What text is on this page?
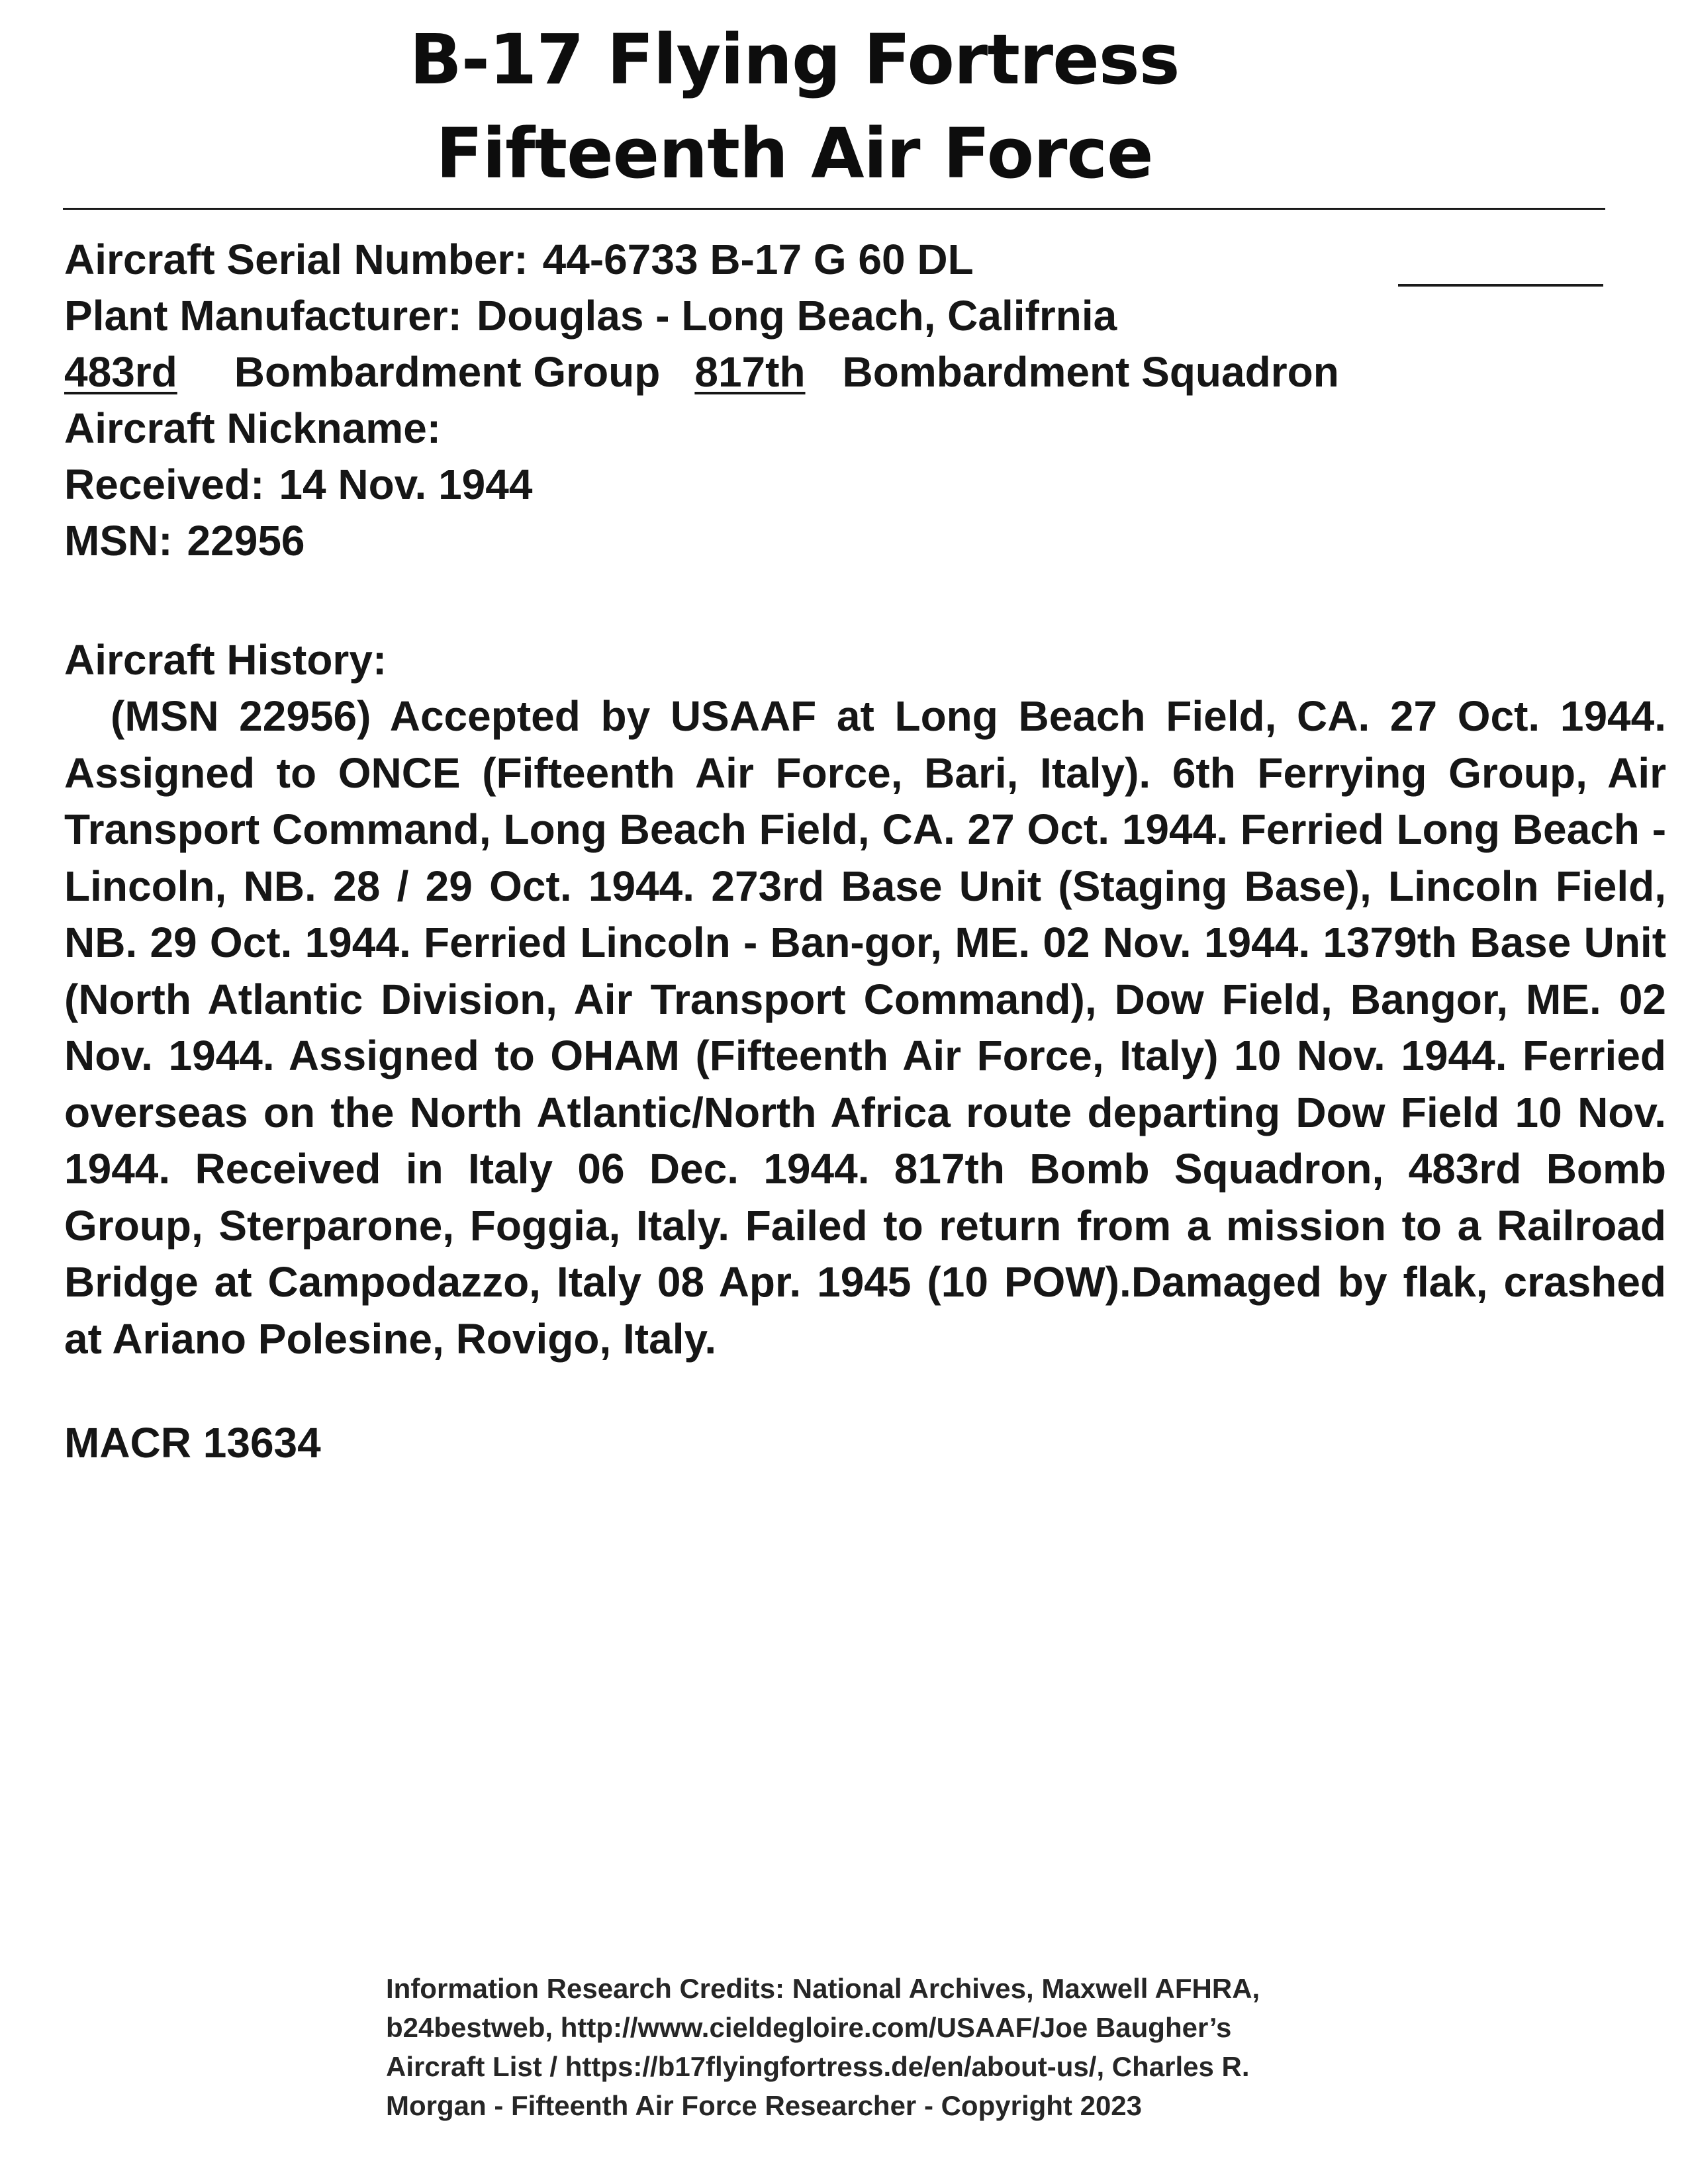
B-17 Flying Fortress
Fifteenth Air Force
Aircraft Serial Number: 44-6733 B-17 G 60 DL
Plant Manufacturer: Douglas - Long Beach, Califrnia
483rd Bombardment Group 817th Bombardment Squadron
Aircraft Nickname:
Received: 14 Nov. 1944
MSN: 22956
Aircraft History:

(MSN 22956) Accepted by USAAF at Long Beach Field, CA. 27 Oct. 1944. Assigned to ONCE (Fifteenth Air Force, Bari, Italy). 6th Ferrying Group, Air Transport Command, Long Beach Field, CA. 27 Oct. 1944. Ferried Long Beach - Lincoln, NB. 28 / 29 Oct. 1944. 273rd Base Unit (Staging Base), Lincoln Field, NB. 29 Oct. 1944. Ferried Lincoln - Ban-gor, ME. 02 Nov. 1944. 1379th Base Unit (North Atlantic Division, Air Transport Command), Dow Field, Bangor, ME. 02 Nov. 1944. Assigned to OHAM (Fifteenth Air Force, Italy) 10 Nov. 1944. Ferried overseas on the North Atlantic/North Africa route departing Dow Field 10 Nov. 1944. Received in Italy 06 Dec. 1944. 817th Bomb Squadron, 483rd Bomb Group, Sterparone, Foggia, Italy. Failed to return from a mission to a Railroad Bridge at Campodazzo, Italy 08 Apr. 1945 (10 POW).Damaged by flak, crashed at Ariano Polesine, Rovigo, Italy.

MACR 13634

Information Research Credits: National Archives, Maxwell AFHRA,
b24bestweb, http://www.cieldegloire.com/USAAF/Joe Baugher’s
Aircraft List / https://b17flyingfortress.de/en/about-us/, Charles R.
Morgan - Fifteenth Air Force Researcher - Copyright 2023
